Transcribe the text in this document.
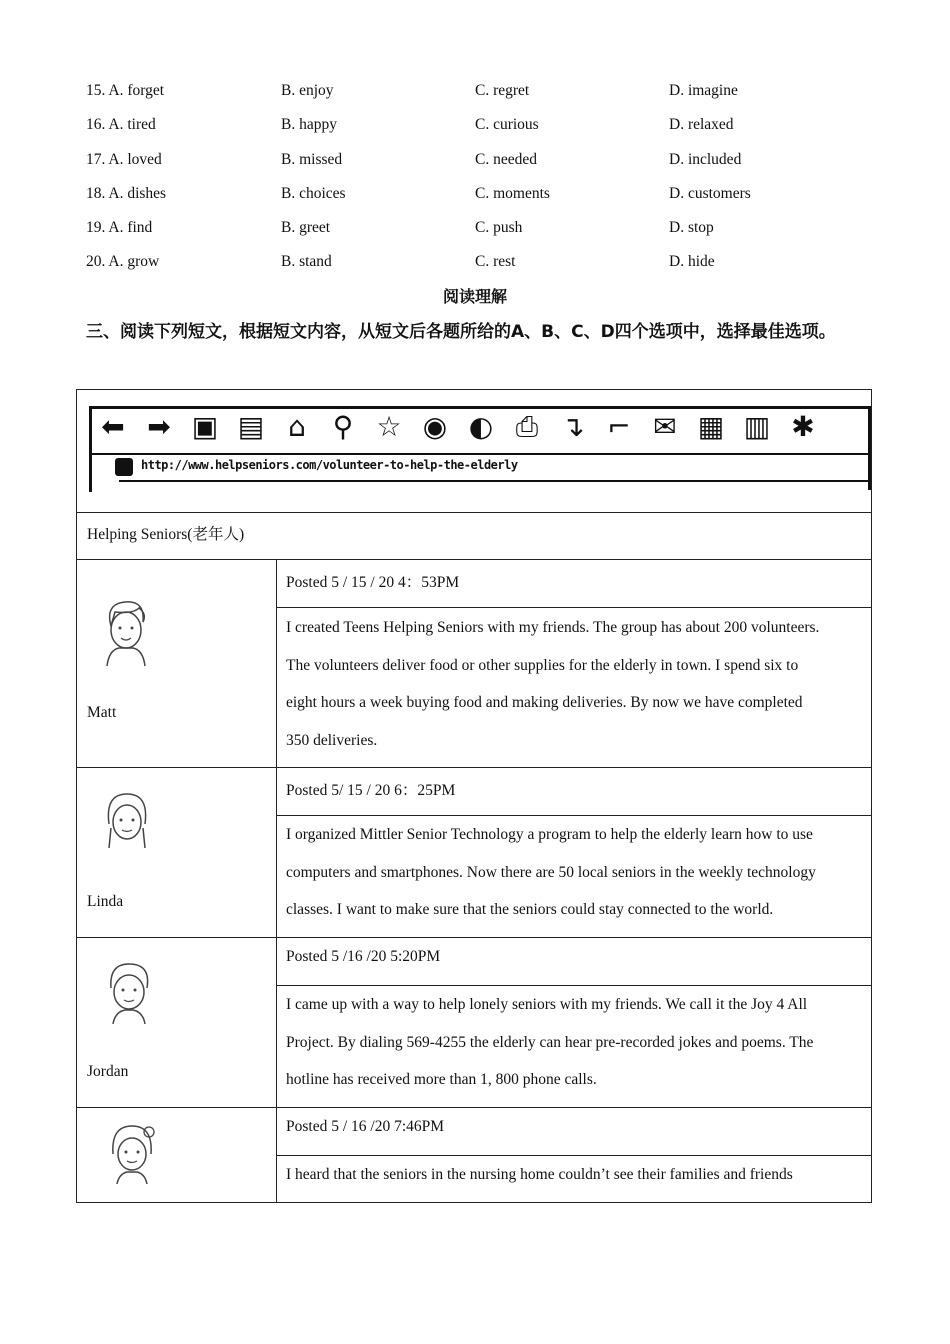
15. A. forget	B. enjoy	C. regret	D. imagine
16. A. tired	B. happy	C. curious	D. relaxed
17. A. loved	B. missed	C. needed	D. included
18. A. dishes	B. choices	C. moments	D. customers
19. A. find	B. greet	C. push	D. stop
20. A. grow	B. stand	C. rest	D. hide
阅读理解
三、阅读下列短文，根据短文内容，从短文后各题所给的A、B、C、D四个选项中，选择最佳选项。
⬅ ➡ ▣ ▤ ⌂ ⚲ ☆ ◉ ◐ ⎙ ↴ ⌐ ✉ ▦ ▥ ✱
http://www.helpseniors.com/volunteer-to-help-the-elderly
Helping Seniors(老年人)
Matt
Posted 5 / 15 / 20 4：53PM
I created Teens Helping Seniors with my friends. The group has about 200 volunteers.
The volunteers deliver food or other supplies for the elderly in town. I spend six to
eight hours a week buying food and making deliveries. By now we have completed
350 deliveries.
Linda
Posted 5/ 15 / 20 6：25PM
I organized Mittler Senior Technology a program to help the elderly learn how to use
computers and smartphones. Now there are 50 local seniors in the weekly technology
classes. I want to make sure that the seniors could stay connected to the world.
Jordan
Posted 5 /16 /20 5:20PM
I came up with a way to help lonely seniors with my friends. We call it the Joy 4 All
Project. By dialing 569-4255 the elderly can hear pre-recorded jokes and poems. The
hotline has received more than 1, 800 phone calls.
Posted 5 / 16 /20 7:46PM
I heard that the seniors in the nursing home couldn’t see their families and friends
